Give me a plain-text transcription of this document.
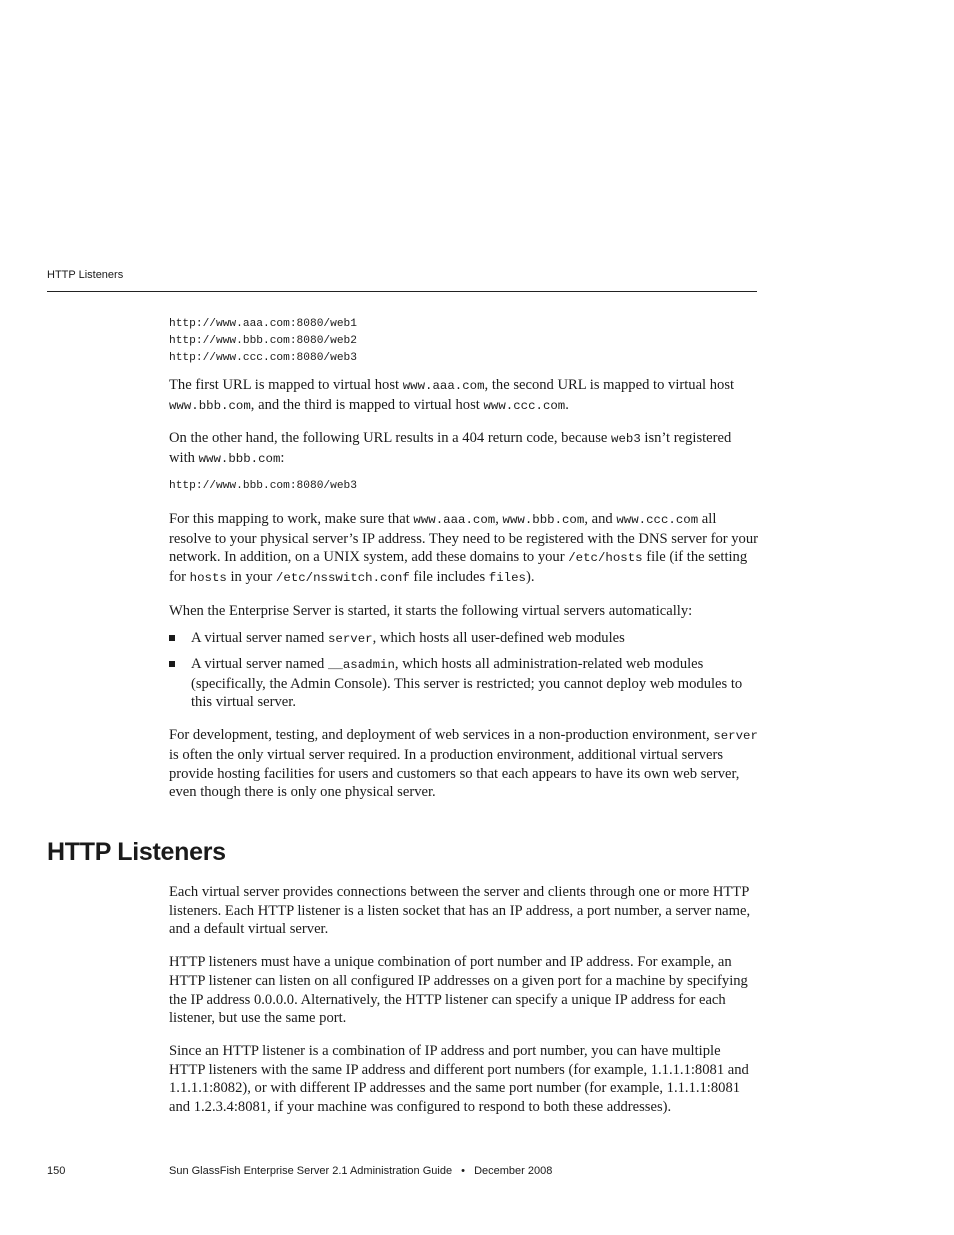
HTTP Listeners
http://www.aaa.com:8080/web1
http://www.bbb.com:8080/web2
http://www.ccc.com:8080/web3

The first URL is mapped to virtual host www.aaa.com, the second URL is mapped to virtual host www.bbb.com, and the third is mapped to virtual host www.ccc.com.

On the other hand, the following URL results in a 404 return code, because web3 isn’t registered with www.bbb.com:

http://www.bbb.com:8080/web3

For this mapping to work, make sure that www.aaa.com, www.bbb.com, and www.ccc.com all resolve to your physical server’s IP address. They need to be registered with the DNS server for your network. In addition, on a UNIX system, add these domains to your /etc/hosts file (if the setting for hosts in your /etc/nsswitch.conf file includes files).

When the Enterprise Server is started, it starts the following virtual servers automatically:

A virtual server named server, which hosts all user-defined web modules
A virtual server named __asadmin, which hosts all administration-related web modules (specifically, the Admin Console). This server is restricted; you cannot deploy web modules to this virtual server.

For development, testing, and deployment of web services in a non-production environment, server is often the only virtual server required. In a production environment, additional virtual servers provide hosting facilities for users and customers so that each appears to have its own web server, even though there is only one physical server.

HTTP Listeners

Each virtual server provides connections between the server and clients through one or more HTTP listeners. Each HTTP listener is a listen socket that has an IP address, a port number, a server name, and a default virtual server.

HTTP listeners must have a unique combination of port number and IP address. For example, an HTTP listener can listen on all configured IP addresses on a given port for a machine by specifying the IP address 0.0.0.0. Alternatively, the HTTP listener can specify a unique IP address for each listener, but use the same port.

Since an HTTP listener is a combination of IP address and port number, you can have multiple HTTP listeners with the same IP address and different port numbers (for example, 1.1.1.1:8081 and 1.1.1.1:8082), or with different IP addresses and the same port number (for example, 1.1.1.1:8081 and 1.2.3.4:8081, if your machine was configured to respond to both these addresses).

150	Sun GlassFish Enterprise Server 2.1 Administration Guide • December 2008
